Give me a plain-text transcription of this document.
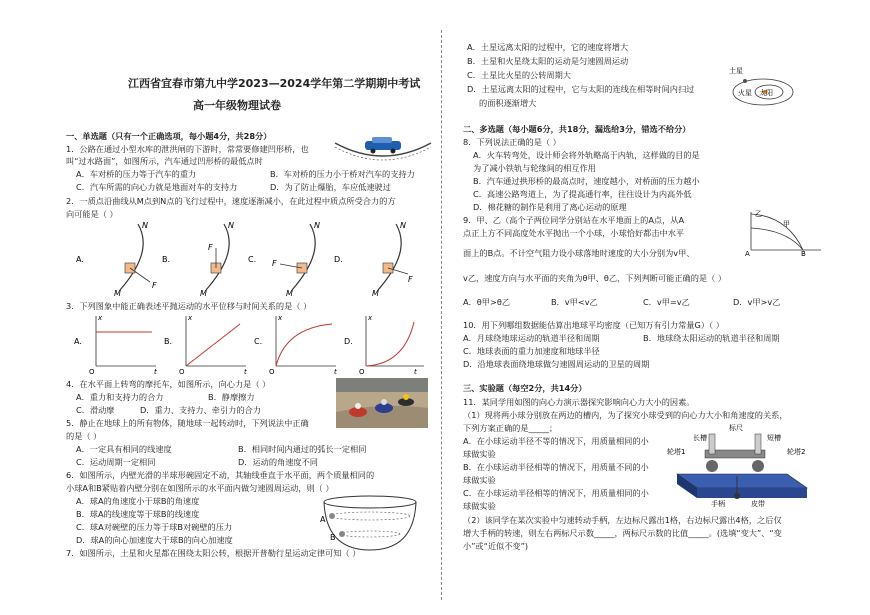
江西省宜春市第九中学2023—2024学年第二学期期中考试
高一年级物理试卷
一、单选题（只有一个正确选项，每小题4分，共28分）
1．公路在通过小型水库的泄洪闸的下游时，常常要修建凹形桥，也
叫“过水路面”，如图所示，汽车通过凹形桥的最低点时
A．车对桥的压力等于汽车的重力	B．车对桥的压力小于桥对汽车的支持力
C．汽车所需的向心力就是地面对车的支持力	D．为了防止爆胎，车应低速驶过
2．一质点沿曲线从M点到N点的飞行过程中，速度逐渐减小，在此过程中质点所受合力的方
向可能是（ ）
A.
N
M
F
B.
N
M
F
C.
N
M
F	D.
N
M
F
3．下列图象中能正确表述平抛运动的水平位移与时间关系的是（ ）
A.
x
t
O
B.
x
t
O
C.
x
t
O
D.
x
t
O
4．在水平面上转弯的摩托车，如图所示，向心力是（ ）
A．重力和支持力的合力	B．静摩擦力
C．滑动摩	D．重力、支持力、牵引力的合力
5．静止在地球上的所有物体，随地球一起转动时，下列说法中正确
的是（ ）
A．一定具有相同的线速度	B．相同时间内通过的弧长一定相同
C．运动周期一定相同	D．运动的角速度不同
6．如图所示，内壁光滑的半球形碗固定不动，其轴线垂直于水平面，两个质量相同的
小球A和B紧贴着内壁分别在如图所示的水平面内做匀速圆周运动，则（ ）
A．球A的角速度小于球B的角速度
B．球A的线速度等于球B的线速度
C．球A对碗壁的压力等于球B对碗壁的压力
D．球A的向心加速度大于球B的向心加速度
A
B
7．如图所示，土星和火星都在围绕太阳公转，根据开普勒行星运动定律可知（ ）
A．土星远离太阳的过程中，它的速度将增大
B．土星和火星绕太阳的运动是匀速圆周运动
C．土星比火星的公转周期大
D．土星远离太阳的过程中，它与太阳的连线在相等时间内扫过
的面积逐渐增大
土星
火星 太阳
二、多选题（每小题6分，共18分，漏选给3分，错选不给分）
8．下列说法正确的是（ ）
A．火车转弯处，设计师会将外轨略高于内轨，这样做的目的是
为了减小铁轨与轮缘间的相互作用
B．汽车通过拱形桥的最高点时，速度越小，对桥面的压力越小
C．高速公路弯道上，为了提高通行率，往往设计为内高外低
D．棉花糖的制作是利用了离心运动的原理
9．甲、乙（高个子两位同学分别站在水平地面上的A点，从A
点正上方不同高度处水平抛出一个小球，小球恰好都击中水平
面上的B点。不计空气阻力设小球落地时速度的大小分别为v甲、
v乙，速度方向与水平面的夹角为θ甲、θ乙，下列判断可能正确的是（ ）
乙
甲
A	B
A．θ甲>θ乙	B．v甲<v乙	C．v甲=v乙	D．v甲>v乙
10．用下列哪组数据能估算出地球平均密度（已知万有引力常量G）（ ）
A．月球绕地球运动的轨道半径和周期	B．地球绕太阳运动的轨道半径和周期
C．地球表面的重力加速度和地球半径
D．沿地球表面绕地球做匀速圆周运动的卫星的周期
三、实验题（每空2分，共14分）
11．某同学用如图的向心力演示器探究影响向心力大小的因素。
（1）现将两小球分别放在两边的槽内，为了探究小球受到的向心力大小和角速度的关系，
下列方案正确的是_____；
A．在小球运动半径不等的情况下，用质量相同的小
球做实验
B．在小球运动半径相等的情况下，用质量不同的小
球做实验
C．在小球运动半径相等的情况下，用质量相同的小
球做实验
（2）该同学在某次实验中匀速转动手柄，左边标尺露出1格，右边标尺露出4格，之后仅
增大手柄的转速，则左右两标尺示数_____，两标尺示数的比值_____。(选填“变大”、“变
小”或“近似不变”)
标尺
长槽	短槽
轮塔1	轮塔2
手柄	皮带
